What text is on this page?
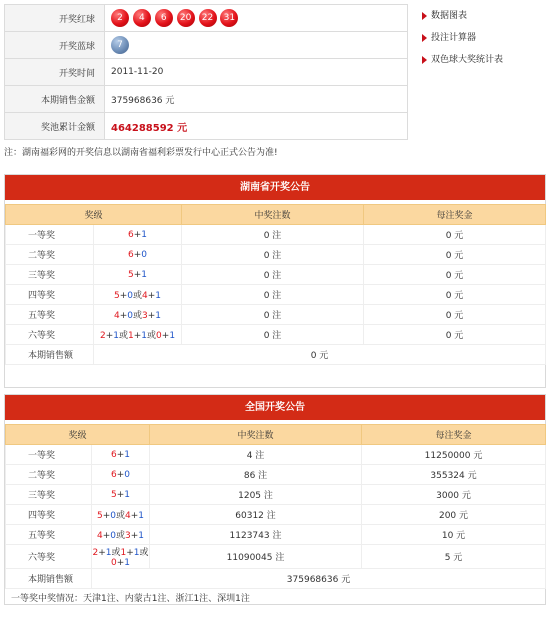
开奖红球	2 4 6 20 22 31
开奖蓝球	7
开奖时间	2011-11-20
本期销售金额	375968636 元
奖池累计金额	464288592 元
数据图表
投注计算器
双色球大奖统计表
注：湖南福彩网的开奖信息以湖南省福利彩票发行中心正式公告为准!
湖南省开奖公告
奖级		中奖注数	每注奖金
一等奖	6+1	0 注	0 元
二等奖	6+0	0 注	0 元
三等奖	5+1	0 注	0 元
四等奖	5+0或4+1	0 注	0 元
五等奖	4+0或3+1	0 注	0 元
六等奖	2+1或1+1或0+1	0 注	0 元
本期销售额	0 元		
全国开奖公告
奖级		中奖注数	每注奖金
一等奖	6+1	4 注	11250000 元
二等奖	6+0	86 注	355324 元
三等奖	5+1	1205 注	3000 元
四等奖	5+0或4+1	60312 注	200 元
五等奖	4+0或3+1	1123743 注	10 元
六等奖	2+1或1+1或0+1	11090045 注	5 元
本期销售额	375968636 元		
一等奖中奖情况：天津1注、内蒙古1注、浙江1注、深圳1注
